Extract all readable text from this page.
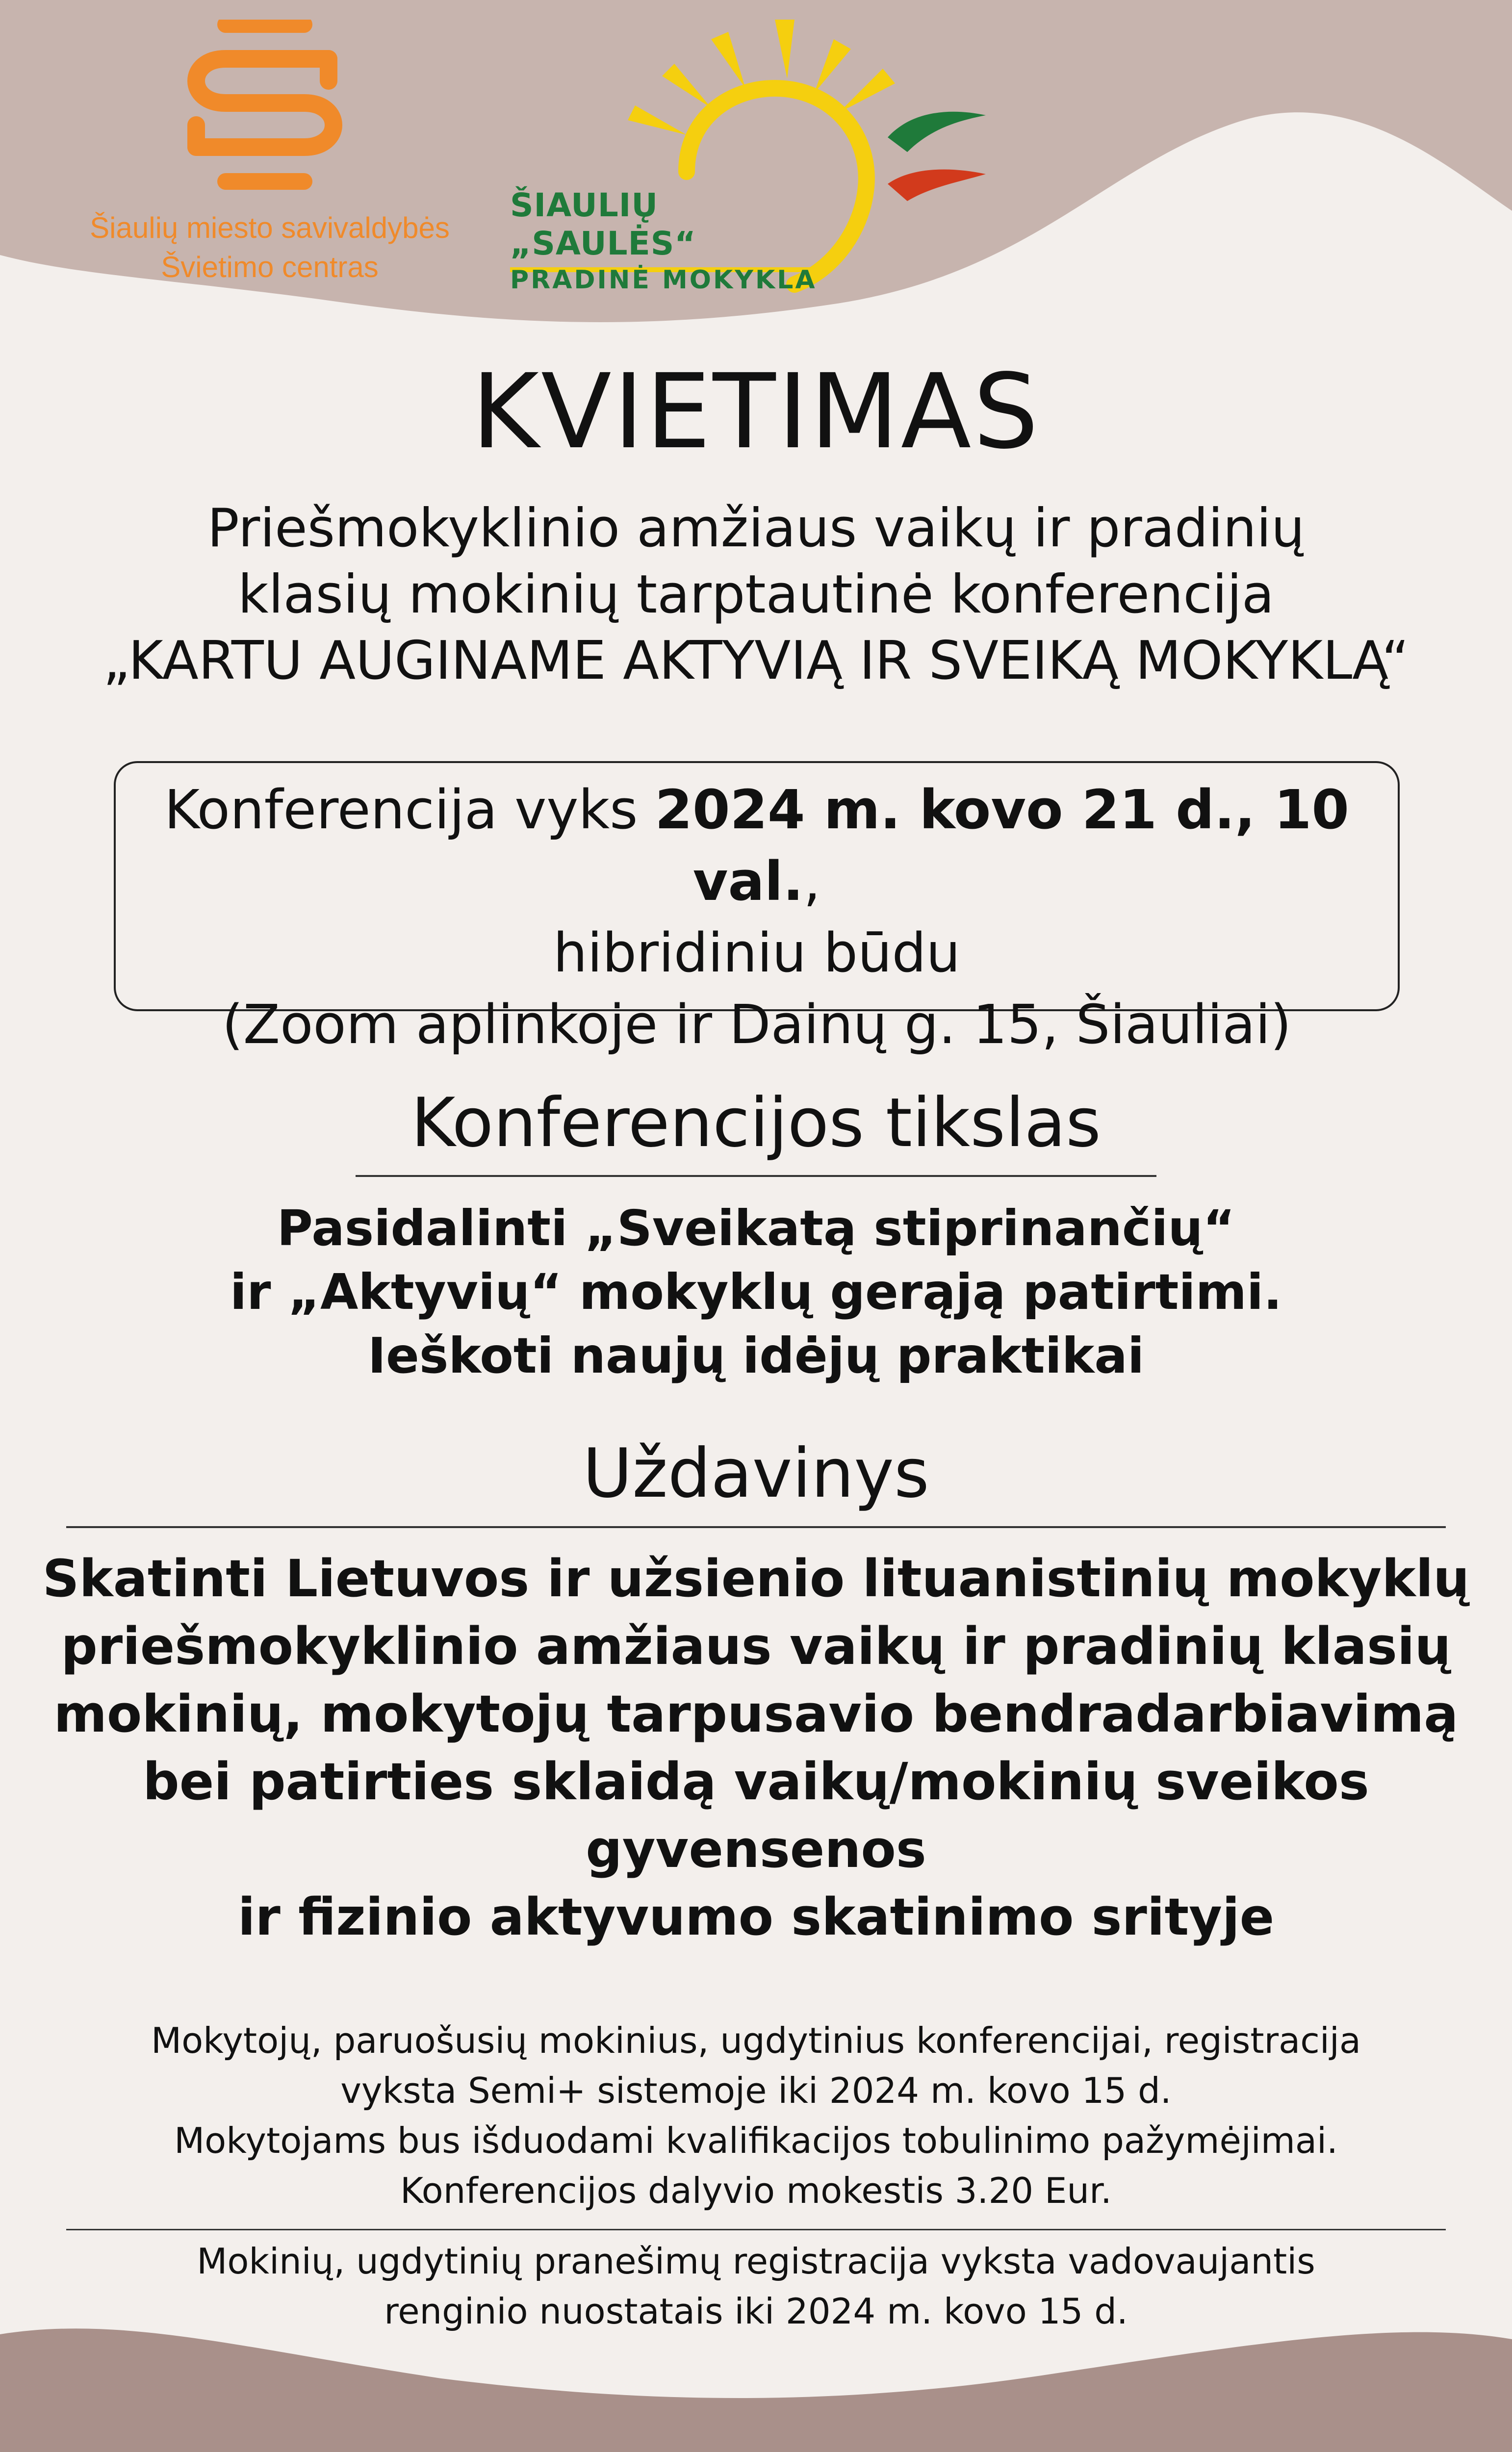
Šiaulių miesto savivaldybės
Švietimo centras
ŠIAULIŲ „SAULĖS“
PRADINĖ MOKYKLA
KVIETIMAS
Priešmokyklinio amžiaus vaikų ir pradinių
klasių mokinių tarptautinė konferencija
„KARTU AUGINAME AKTYVIĄ IR SVEIKĄ MOKYKLĄ“
Konferencija vyks 2024 m. kovo 21 d., 10 val.,
hibridiniu būdu
(Zoom aplinkoje ir Dainų g. 15, Šiauliai)
Konferencijos tikslas
Pasidalinti „Sveikatą stiprinančių“
ir „Aktyvių“ mokyklų gerąją patirtimi.
Ieškoti naujų idėjų praktikai
Uždavinys
Skatinti Lietuvos ir užsienio lituanistinių mokyklų
priešmokyklinio amžiaus vaikų ir pradinių klasių
mokinių, mokytojų tarpusavio bendradarbiavimą
bei patirties sklaidą vaikų/mokinių sveikos gyvensenos
ir fizinio aktyvumo skatinimo srityje
Mokytojų, paruošusių mokinius, ugdytinius konferencijai, registracija
vyksta Semi+ sistemoje iki 2024 m. kovo 15 d.
Mokytojams bus išduodami kvalifikacijos tobulinimo pažymėjimai.
Konferencijos dalyvio mokestis 3.20 Eur.
Mokinių, ugdytinių pranešimų registracija vyksta vadovaujantis
renginio nuostatais iki 2024 m. kovo 15 d.
